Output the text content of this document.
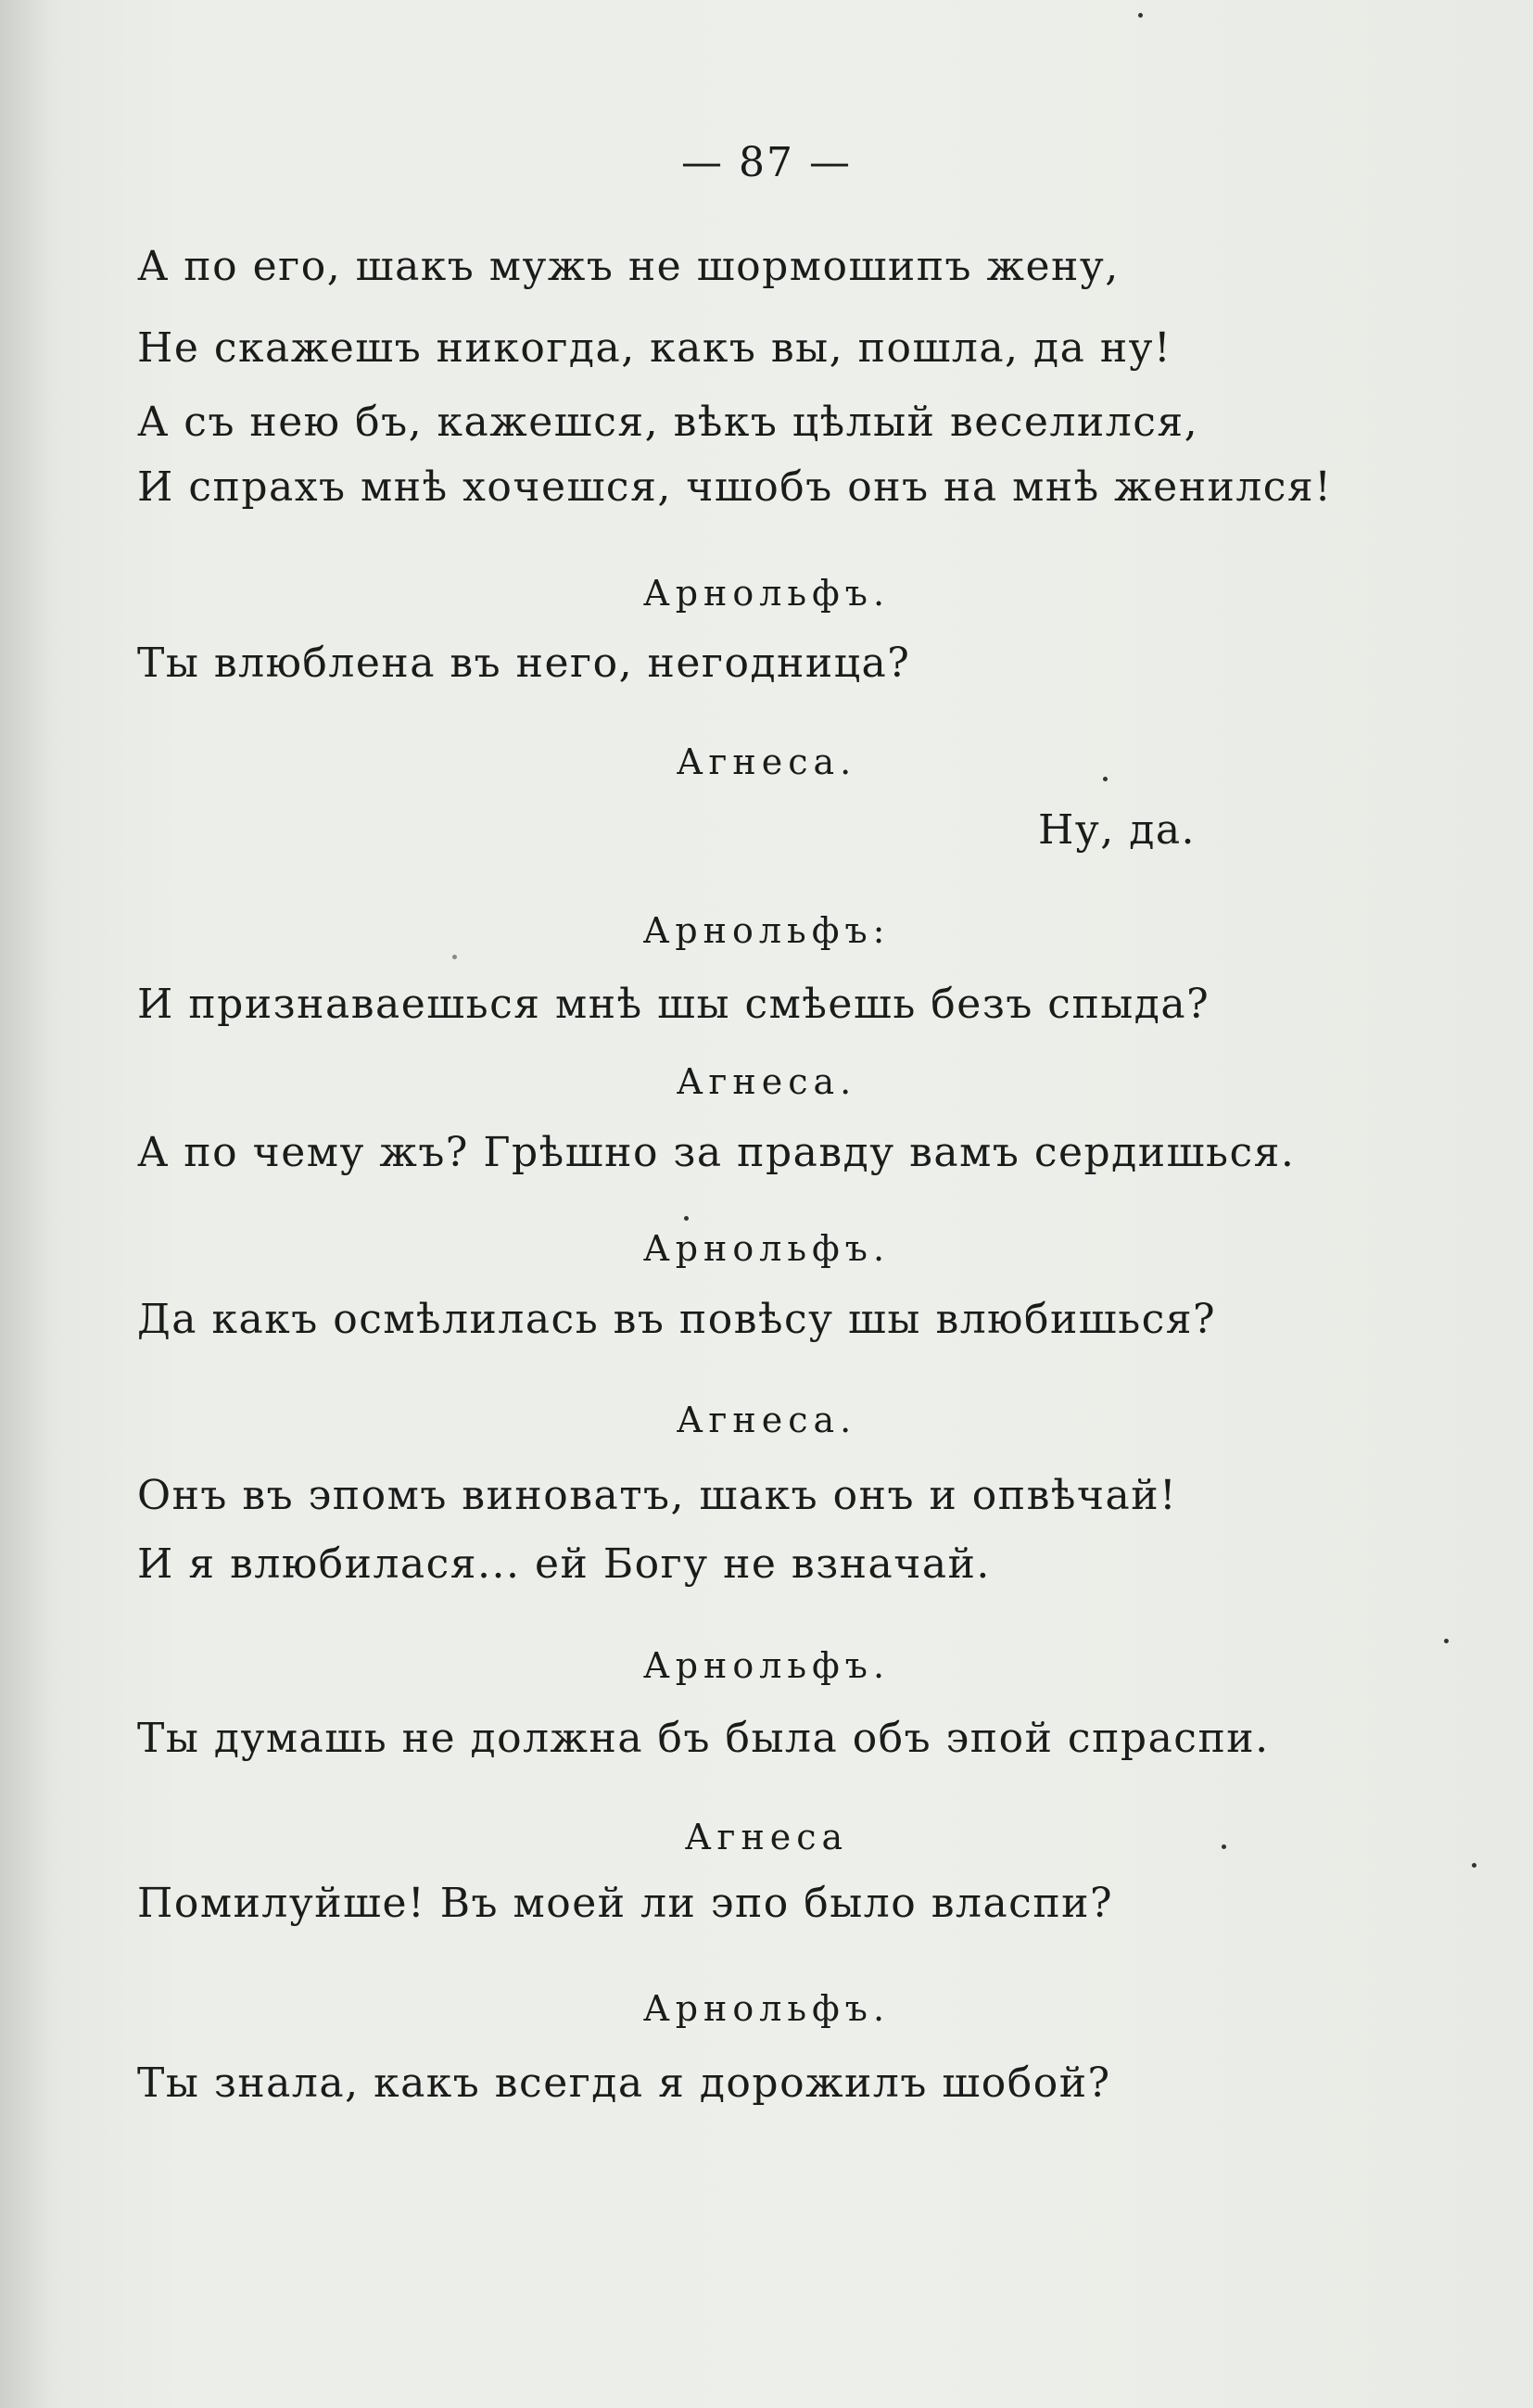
— 87 —
А по его, шакъ мужъ не шормошипъ жену,
Не скажешъ никогда, какъ вы, пошла, да ну!
А съ нею бъ, кажешся, вѣкъ цѣлый веселился,
И спрахъ мнѣ хочешся, чшобъ онъ на мнѣ женился!
Арнольфъ.
Ты влюблена въ него, негодница?
Агнеса.
Ну, да.
Арнольфъ:
И признаваешься мнѣ шы смѣешь безъ спыда?
Агнеса.
А по чему жъ? Грѣшно за правду вамъ сердишься.
Арнольфъ.
Да какъ осмѣлилась въ повѣсу шы влюбишься?
Агнеса.
Онъ въ эпомъ виноватъ, шакъ онъ и опвѣчай!
И я влюбилася... ей Богу не взначай.
Арнольфъ.
Ты думашь не должна бъ была объ эпой спраспи.
Агнеса
Помилуйше! Въ моей ли эпо было власпи?
Арнольфъ.
Ты знала, какъ всегда я дорожилъ шобой?
